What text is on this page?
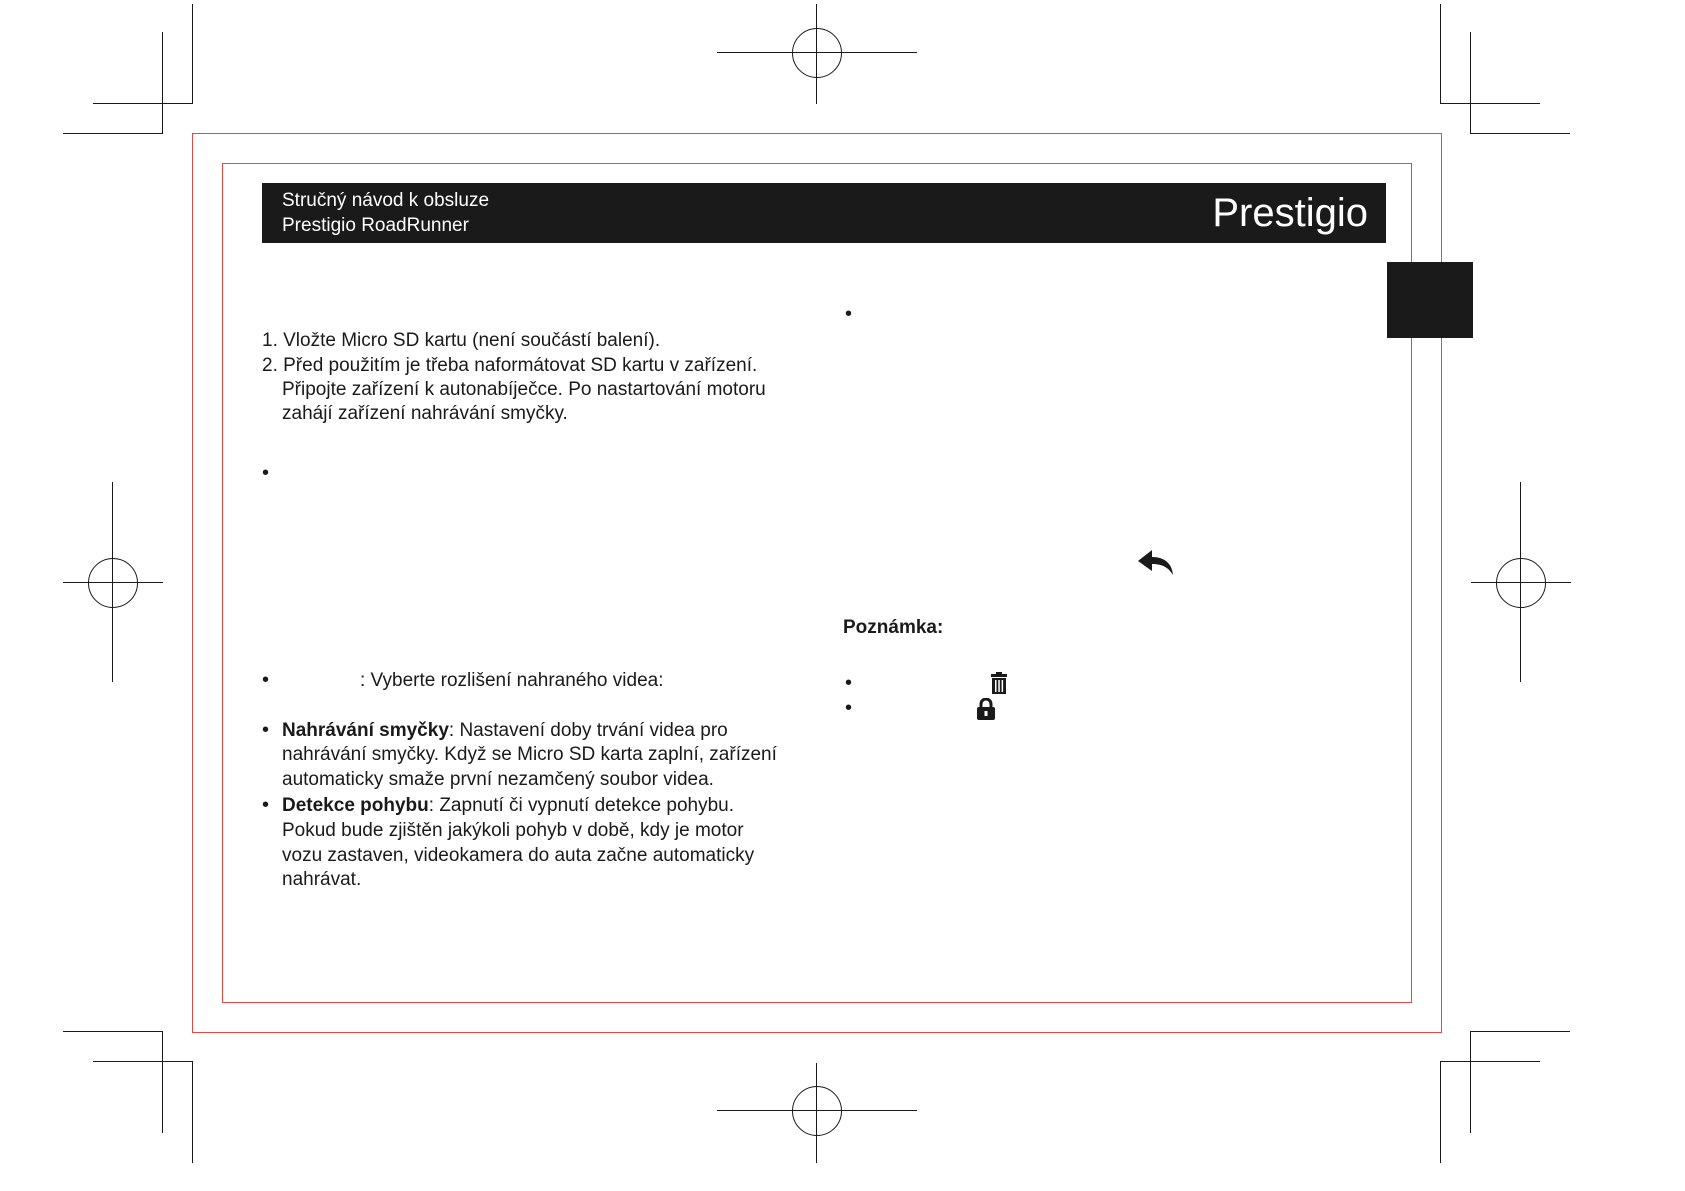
Stručný návod k obsluze
Prestigio RoadRunner	Prestigio
1. Vložte Micro SD kartu (není součástí balení).
2. Před použitím je třeba naformátovat SD kartu v zařízení.
Připojte zařízení k autonabíječce. Po nastartování motoru
zahájí zařízení nahrávání smyčky.
•
•	: Vyberte rozlišení nahraného videa:
• Nahrávání smyčky: Nastavení doby trvání videa pro
nahrávání smyčky. Když se Micro SD karta zaplní, zařízení
automaticky smaže první nezamčený soubor videa.
• Detekce pohybu: Zapnutí či vypnutí detekce pohybu.
Pokud bude zjištěn jakýkoli pohyb v době, kdy je motor
vozu zastaven, videokamera do auta začne automaticky
nahrávat.
•
Poznámka:
•
•
